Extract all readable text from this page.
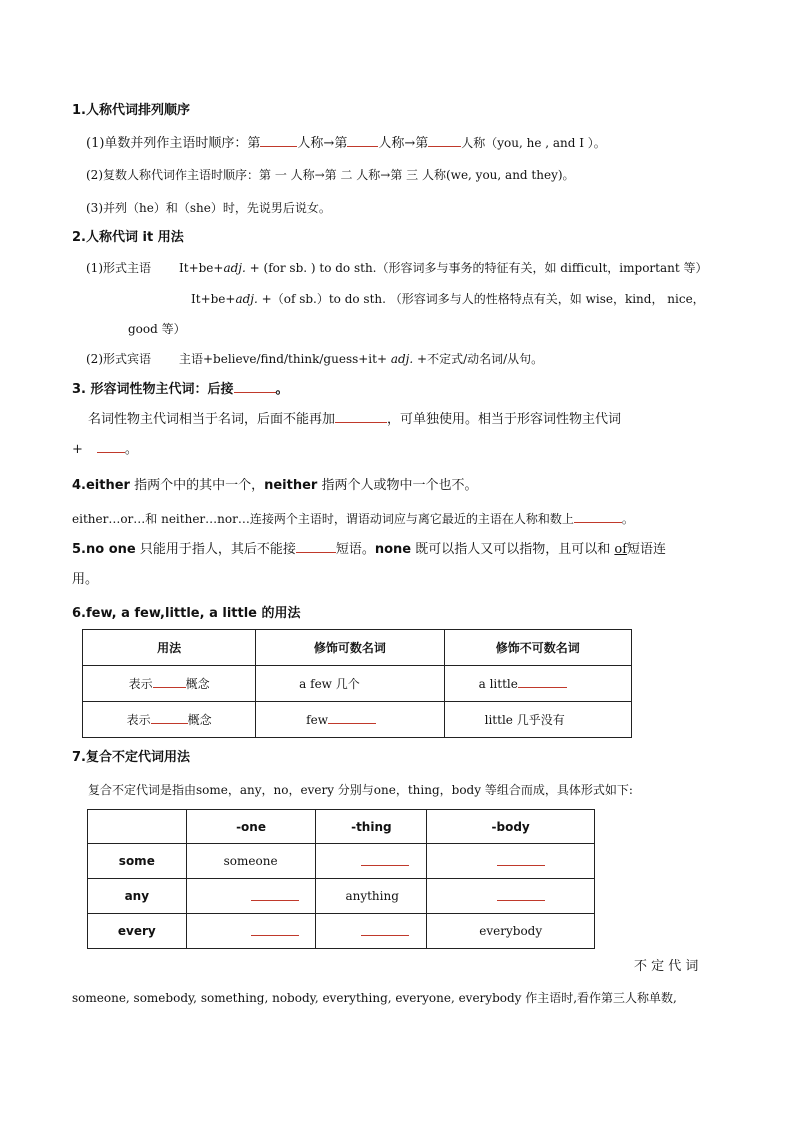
1.人称代词排列顺序
(1)单数并列作主语时顺序：第	人称→第 人称→第	人称（you, he , and I ）。
(2)复数人称代词作主语时顺序：第 一 人称→第 二 人称→第 三 人称(we, you, and they)。
(3)并列（he）和（she）时，先说男后说女。
2.人称代词 it 用法
(1)形式主语 It+be+adj. + (for sb. ) to do sth.（形容词多与事务的特征有关，如 difficult，important 等）
It+be+adj. +（of sb.）to do sth. （形容词多与人的性格特点有关，如 wise，kind， nice，
good 等）
(2)形式宾语 主语+believe/find/think/guess+it+ adj. +不定式/动名词/从句。
3. 形容词性物主代词：后接	。
名词性物主代词相当于名词，后面不能再加	，可单独使用。相当于形容词性物主代词
+	。
4.either 指两个中的其中一个，neither 指两个人或物中一个也不。
either…or…和 neither…nor…连接两个主语时，谓语动词应与离它最近的主语在人称和数上	。
5.no one 只能用于指人，其后不能接	短语。none 既可以指人又可以指物，且可以和 of短语连
用。
6.few, a few,little, a little 的用法
用法	修饰可数名词	修饰不可数名词
表示 概念	a few 几个	a little
表示 概念	few	little 几乎没有
7.复合不定代词用法
复合不定代词是指由some，any，no，every 分别与one，thing，body 等组合而成，具体形式如下:
	-one	-thing	-body
some	someone		
any		anything	
every			everybody
不 定 代 词
someone, somebody, something, nobody, everything, everyone, everybody 作主语时,看作第三人称单数,
